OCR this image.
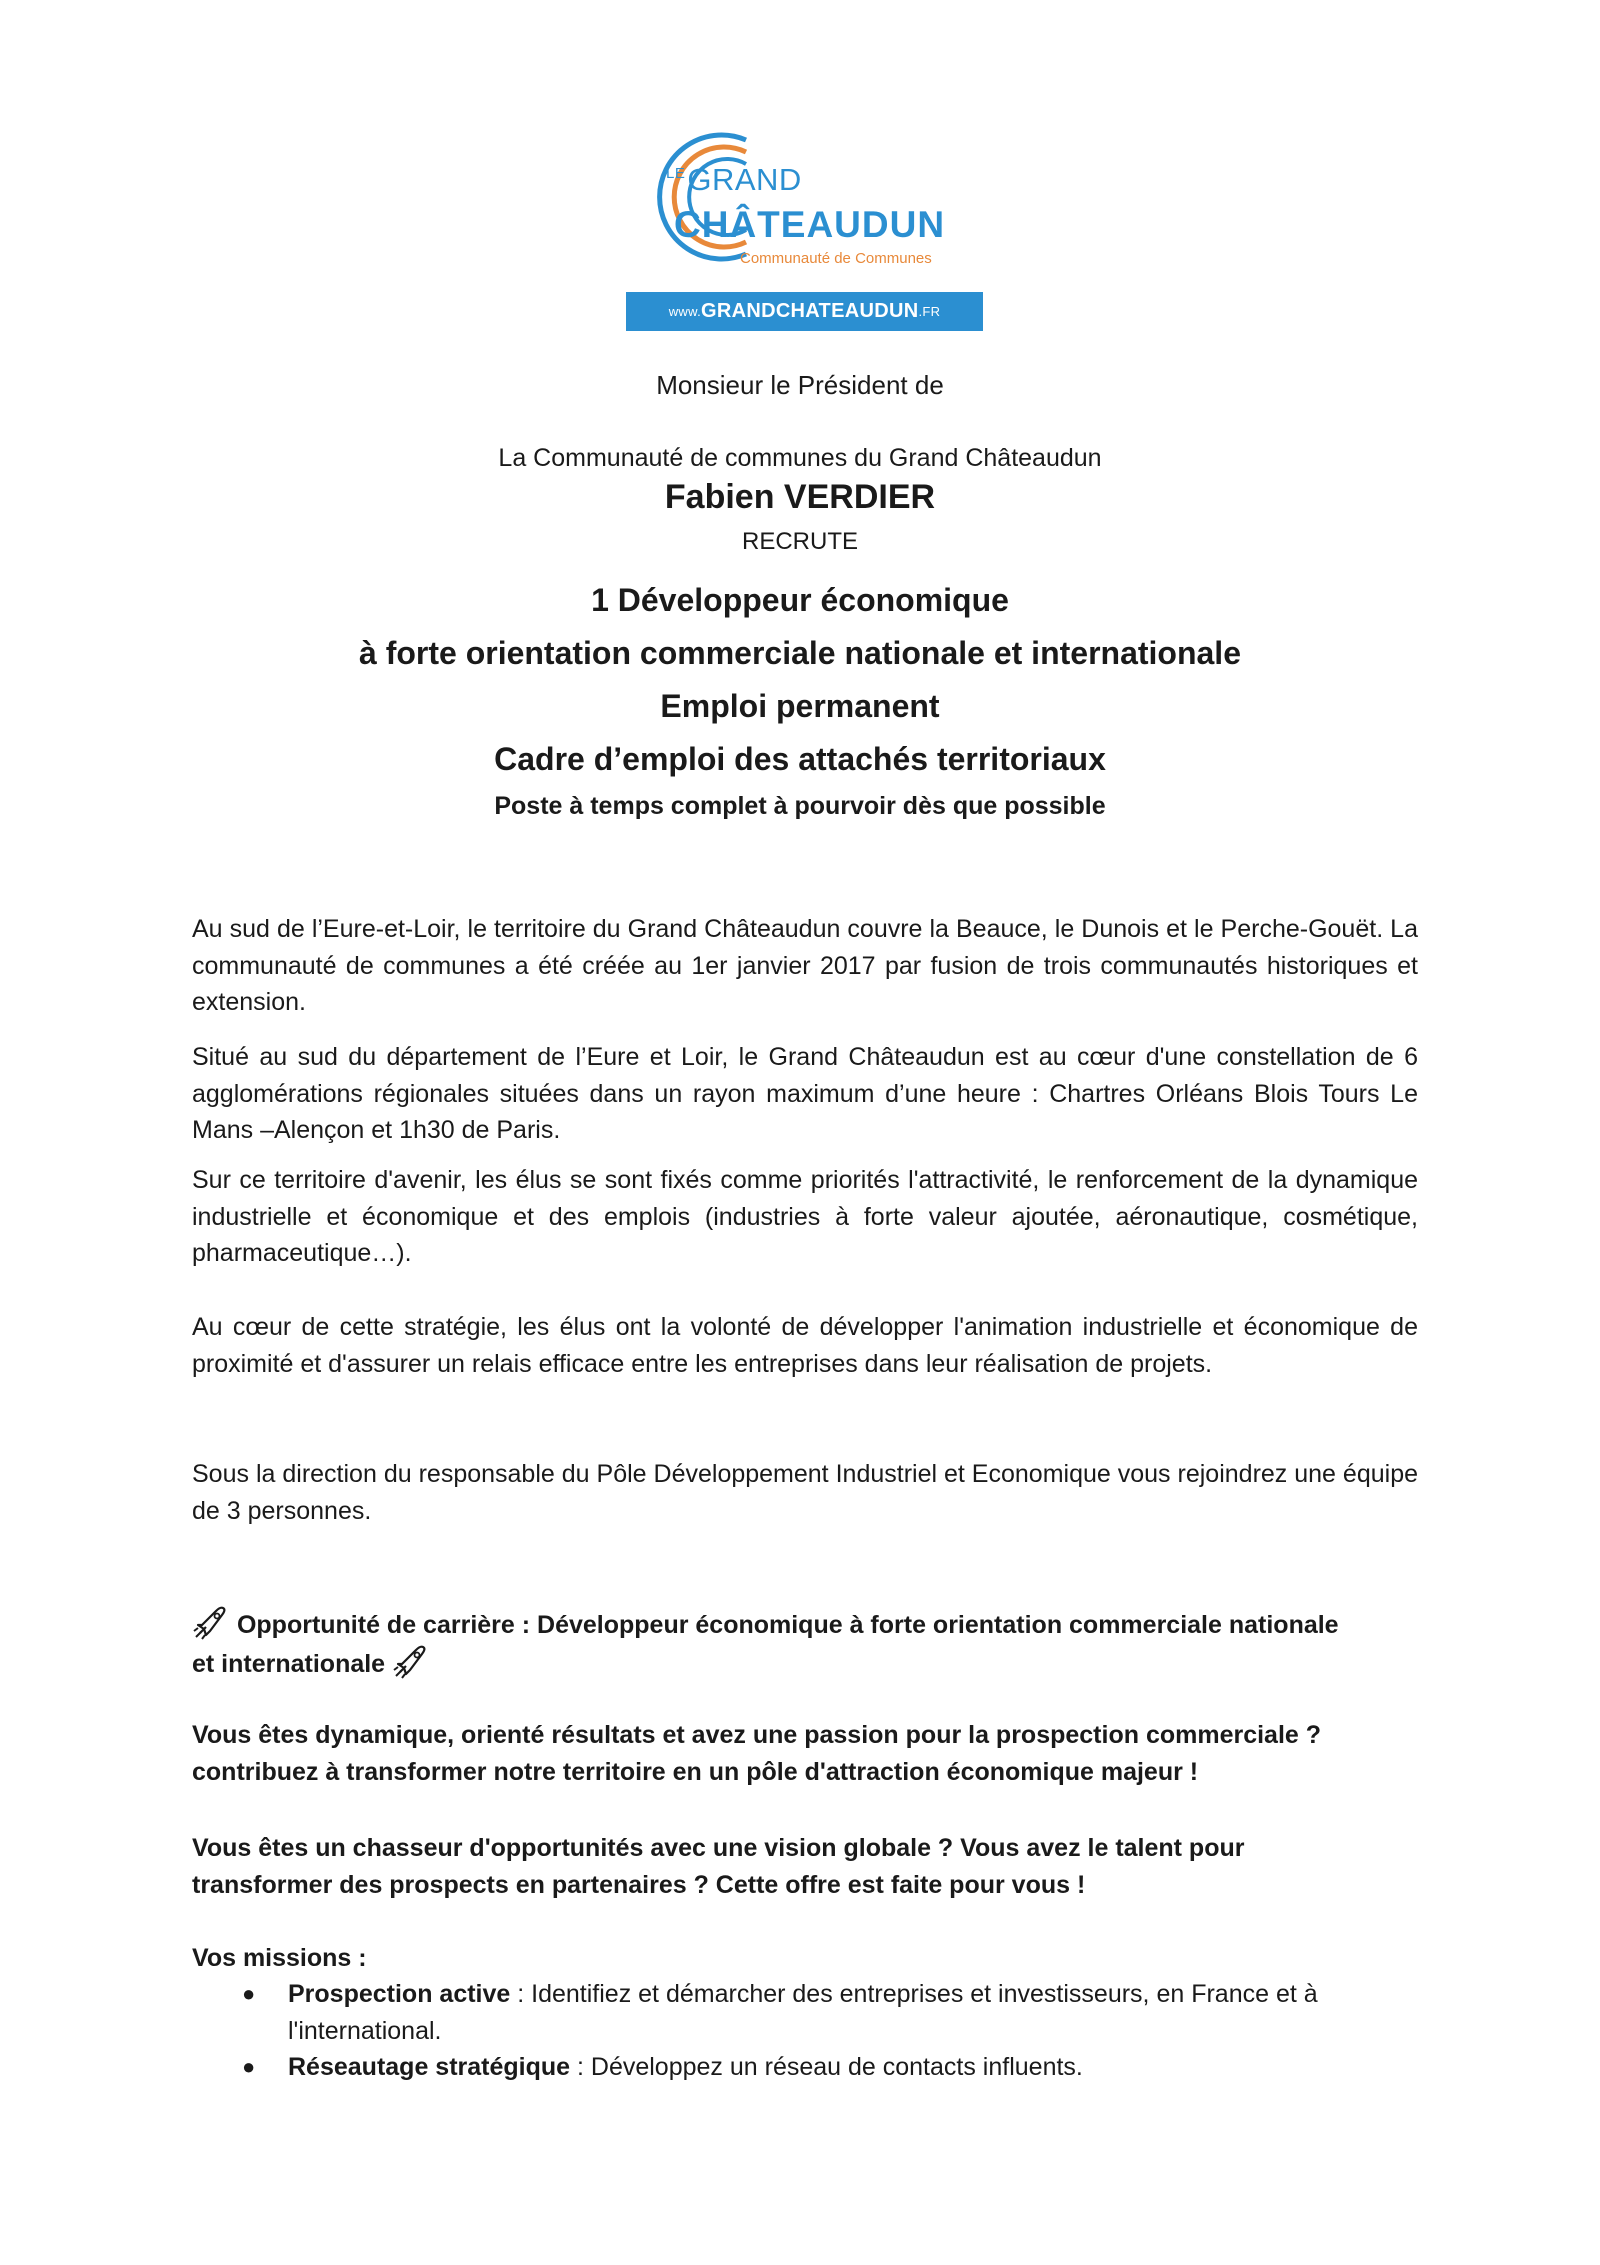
$^{LE}$GRAND
CHÂTEAUDUN
Communauté de Communes
www. GRANDCHATEAUDUN .FR
Monsieur le Président de
La Communauté de communes du Grand Châteaudun
Fabien VERDIER
RECRUTE
1 Développeur économique
à forte orientation commerciale nationale et internationale
Emploi permanent
Cadre d’emploi des attachés territoriaux
Poste à temps complet à pourvoir dès que possible

Au sud de l’Eure-et-Loir, le territoire du Grand Châteaudun couvre la Beauce, le Dunois et le Perche-Gouët. La communauté de communes a été créée au 1er janvier 2017 par fusion de trois communautés historiques et extension.

Situé au sud du département de l’Eure et Loir, le Grand Châteaudun est au cœur d'une constellation de 6 agglomérations régionales situées dans un rayon maximum d’une heure : Chartres Orléans Blois Tours Le Mans –Alençon et 1h30 de Paris.

Sur ce territoire d'avenir, les élus se sont fixés comme priorités l'attractivité, le renforcement de la dynamique industrielle et économique et des emplois (industries à forte valeur ajoutée, aéronautique, cosmétique, pharmaceutique…).

Au cœur de cette stratégie, les élus ont la volonté de développer l'animation industrielle et économique de proximité et d'assurer un relais efficace entre les entreprises dans leur réalisation de projets.

Sous la direction du responsable du Pôle Développement Industriel et Economique vous rejoindrez une équipe de 3 personnes.

Opportunité de carrière : Développeur économique à forte orientation commerciale nationale
et internationale
Vous êtes dynamique, orienté résultats et avez une passion pour la prospection commerciale ?
contribuez à transformer notre territoire en un pôle d'attraction économique majeur !
Vous êtes un chasseur d'opportunités avec une vision globale ? Vous avez le talent pour
transformer des prospects en partenaires ? Cette offre est faite pour vous !
Vos missions :
● Prospection active : Identifiez et démarcher des entreprises et investisseurs, en France et à l'international.
● Réseautage stratégique : Développez un réseau de contacts influents.
